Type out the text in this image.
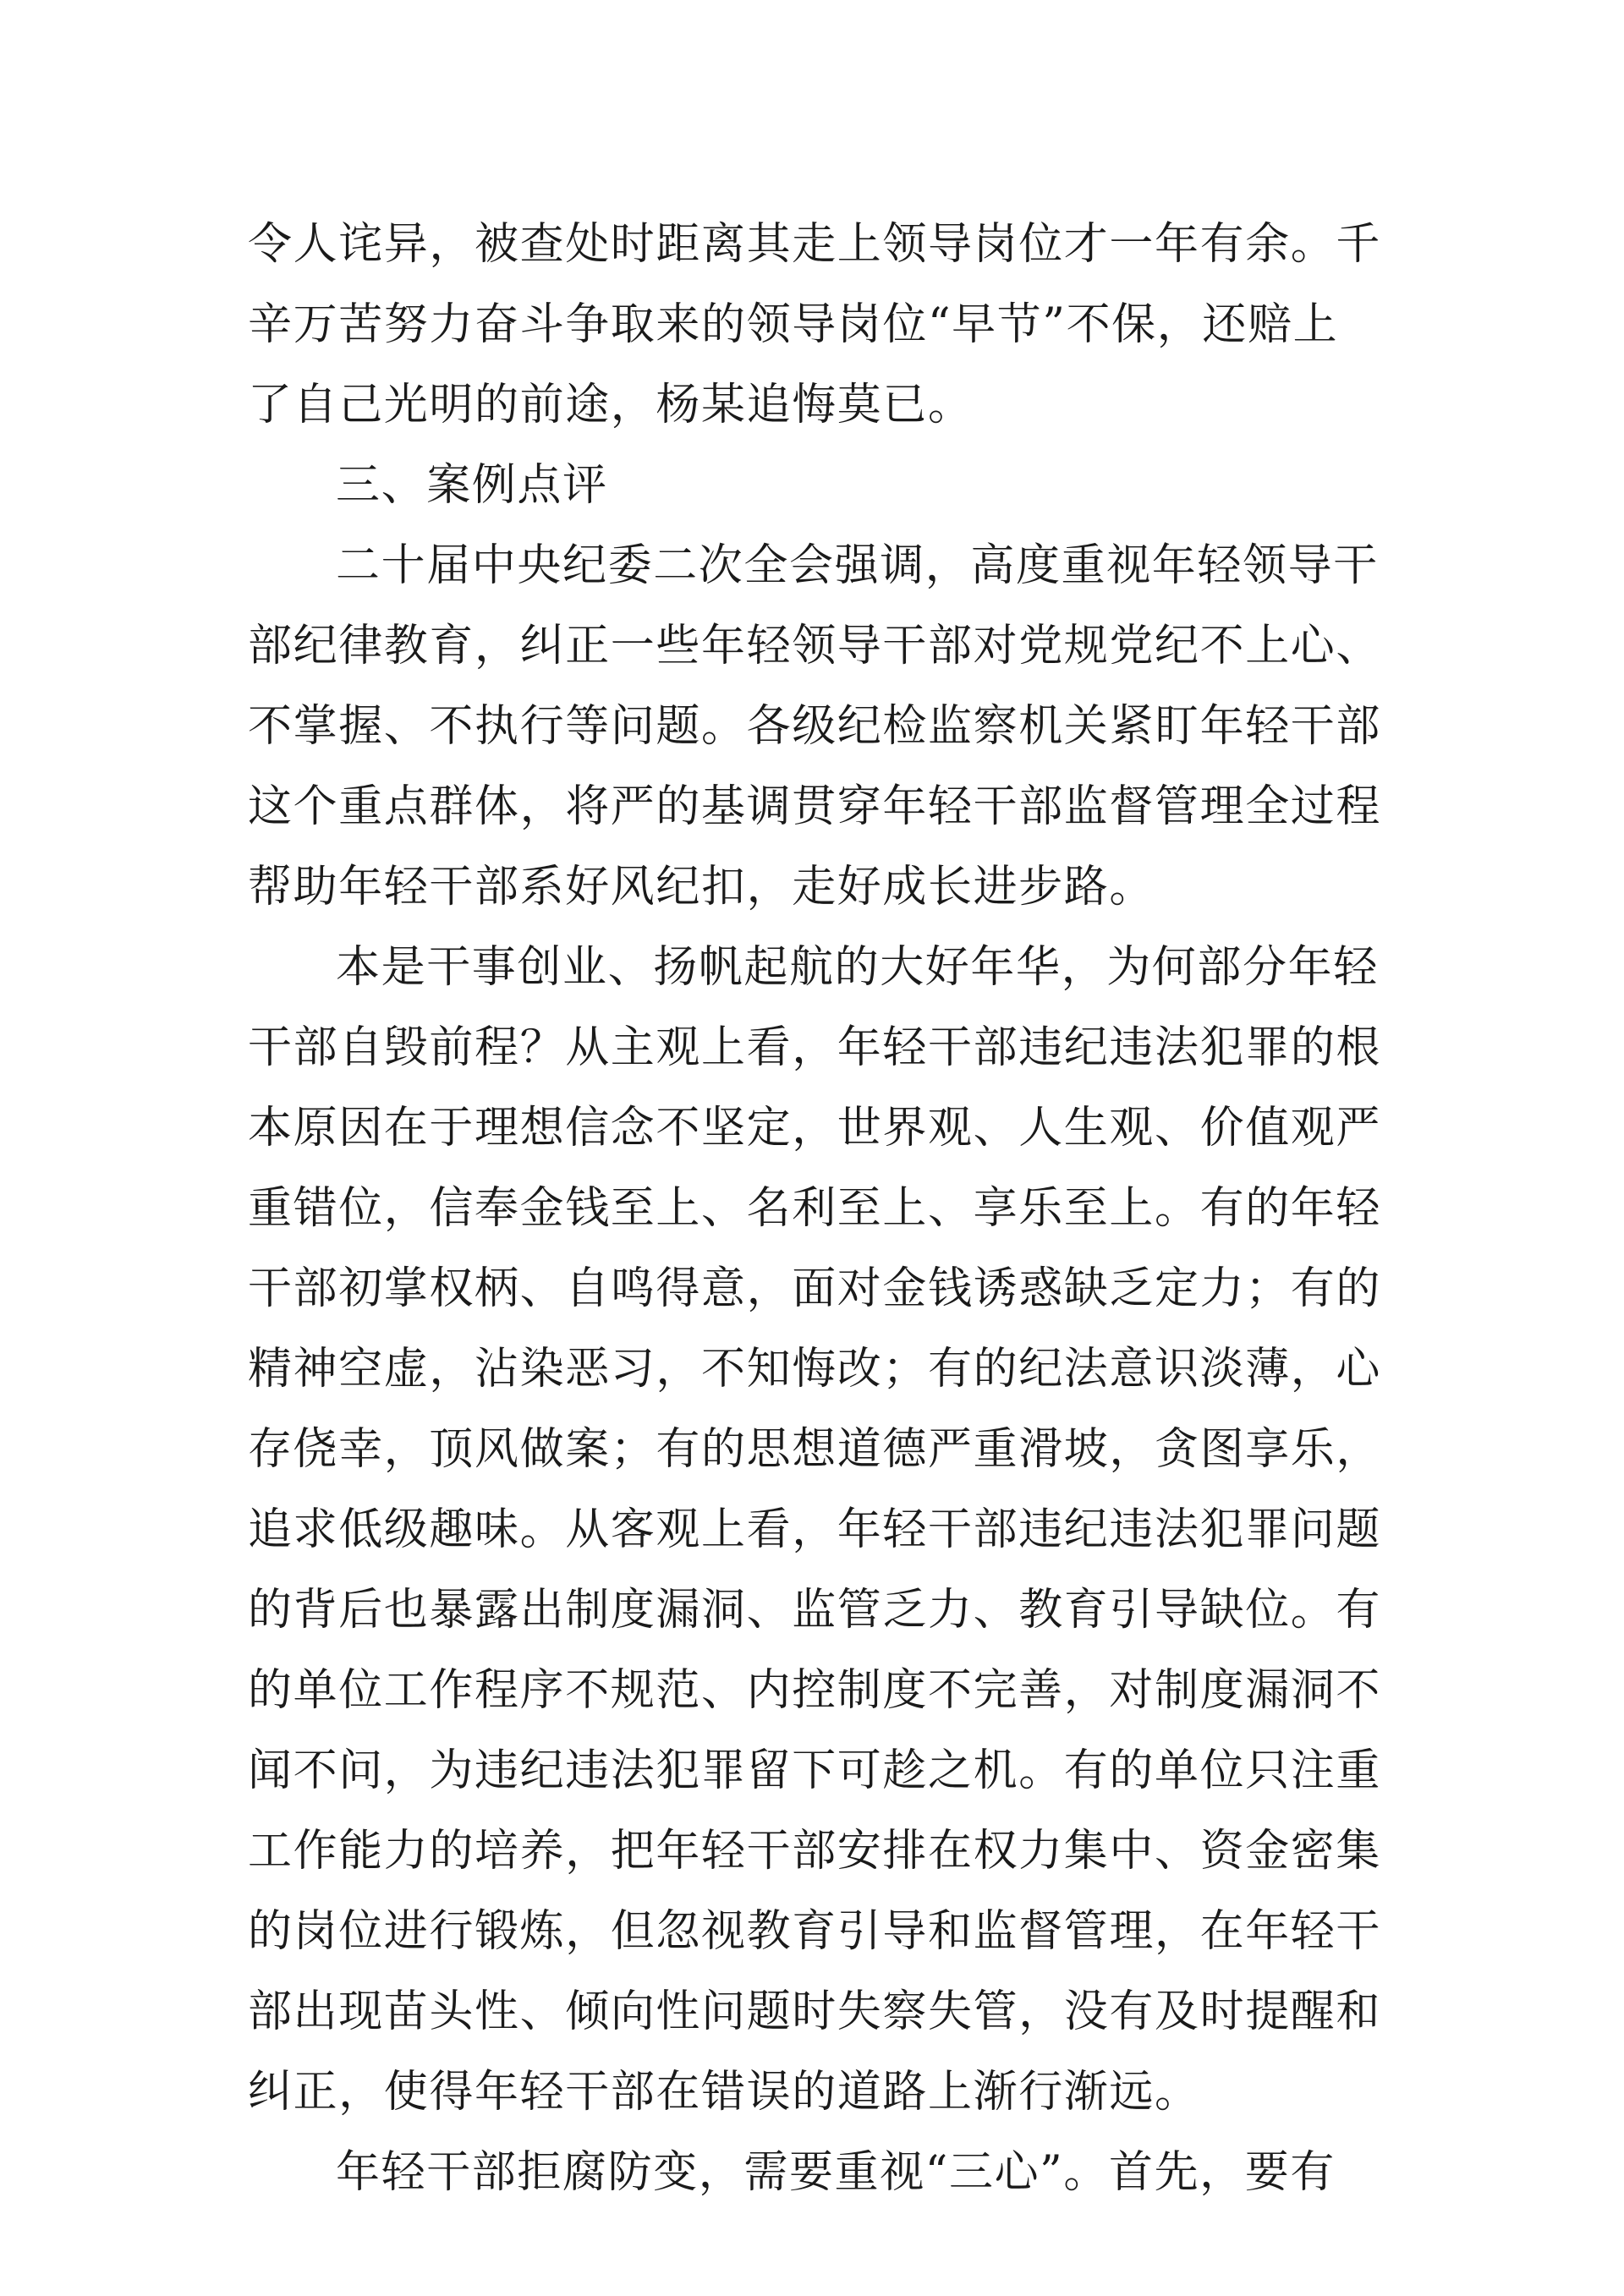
令人诧异，被查处时距离其走上领导岗位才一年有余。千
辛万苦努力奋斗争取来的领导岗位“早节”不保，还赔上
了自己光明的前途，杨某追悔莫已。
三、案例点评
二十届中央纪委二次全会强调，高度重视年轻领导干
部纪律教育，纠正一些年轻领导干部对党规党纪不上心、
不掌握、不执行等问题。各级纪检监察机关紧盯年轻干部
这个重点群体，将严的基调贯穿年轻干部监督管理全过程
帮助年轻干部系好风纪扣，走好成长进步路。
本是干事创业、扬帆起航的大好年华，为何部分年轻
干部自毁前程？从主观上看，年轻干部违纪违法犯罪的根
本原因在于理想信念不坚定，世界观、人生观、价值观严
重错位，信奉金钱至上、名利至上、享乐至上。有的年轻
干部初掌权柄、自鸣得意，面对金钱诱惑缺乏定力；有的
精神空虚，沾染恶习，不知悔改；有的纪法意识淡薄，心
存侥幸，顶风做案；有的思想道德严重滑坡，贪图享乐，
追求低级趣味。从客观上看，年轻干部违纪违法犯罪问题
的背后也暴露出制度漏洞、监管乏力、教育引导缺位。有
的单位工作程序不规范、内控制度不完善，对制度漏洞不
闻不问，为违纪违法犯罪留下可趁之机。有的单位只注重
工作能力的培养，把年轻干部安排在权力集中、资金密集
的岗位进行锻炼，但忽视教育引导和监督管理，在年轻干
部出现苗头性、倾向性问题时失察失管，没有及时提醒和
纠正，使得年轻干部在错误的道路上渐行渐远。
年轻干部拒腐防变，需要重视“三心”。首先，要有
